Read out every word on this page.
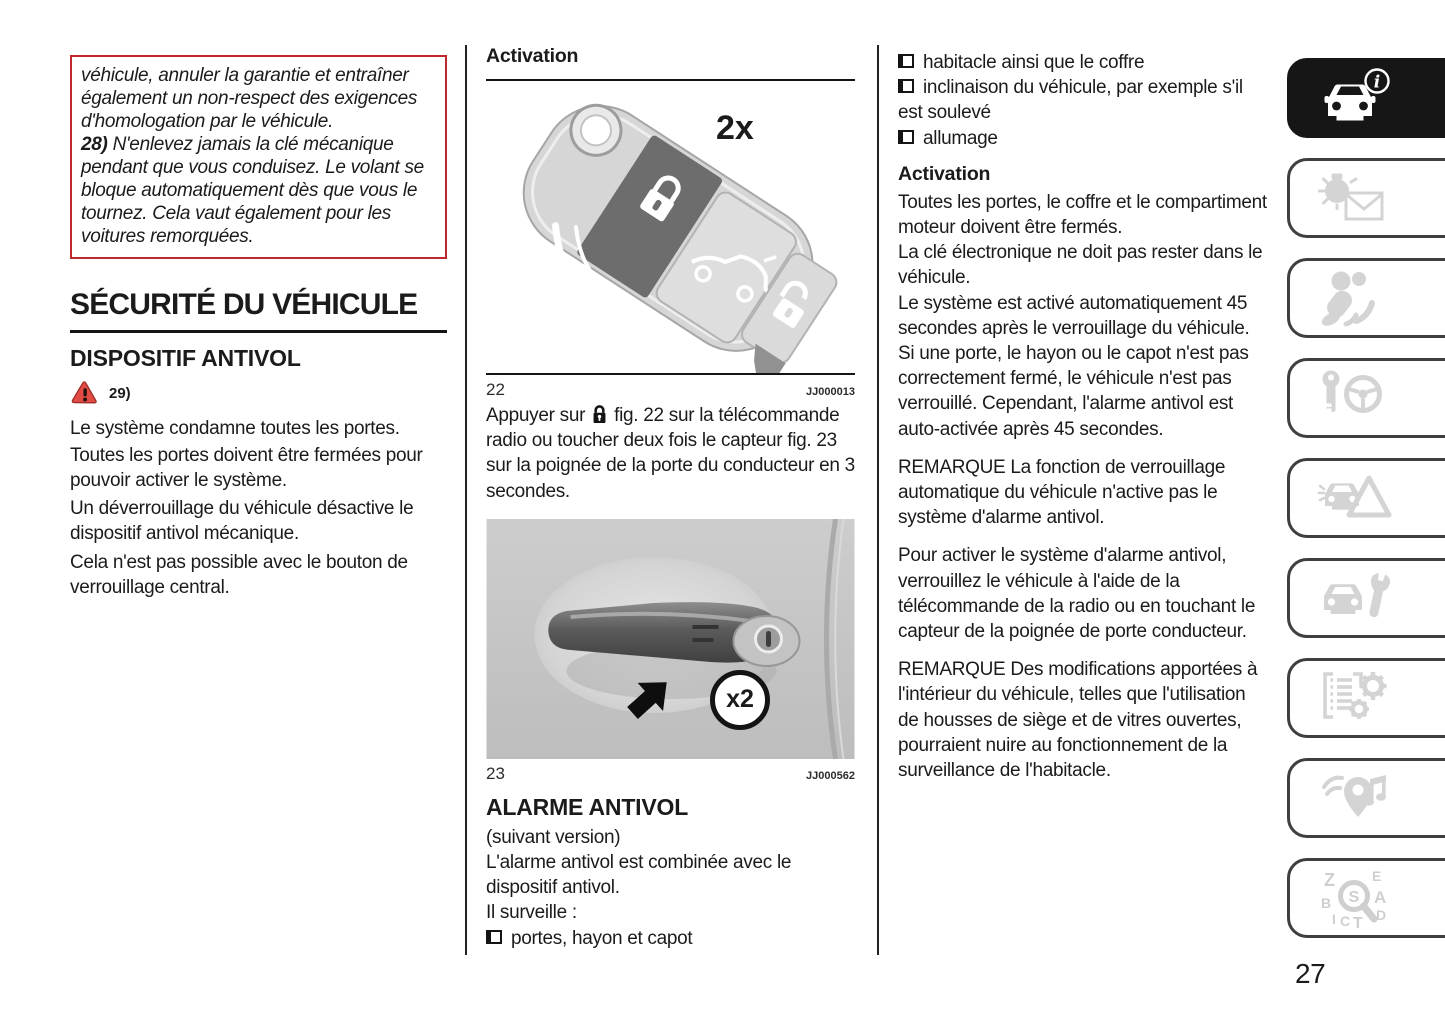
véhicule, annuler la garantie et entraîner également un non-respect des exigences d'homologation par le véhicule.

28) N'enlevez jamais la clé mécanique pendant que vous conduisez. Le volant se bloque automatiquement dès que vous le tournez. Cela vaut également pour les voitures remorquées.

SÉCURITÉ DU VÉHICULE
DISPOSITIF ANTIVOL
29)

Le système condamne toutes les portes.

Toutes les portes doivent être fermées pour pouvoir activer le système.

Un déverrouillage du véhicule désactive le dispositif antivol mécanique.

Cela n'est pas possible avec le bouton de verrouillage central.

Activation
2x
22	JJ000013

Appuyer sur fig. 22 sur la télécommande radio ou toucher deux fois le capteur fig. 23 sur la poignée de la porte du conducteur en 3 secondes.

x2
23	JJ000562
ALARME ANTIVOL

(suivant version)

L'alarme antivol est combinée avec le dispositif antivol.

Il surveille :

portes, hayon et capot

habitacle ainsi que le coffre

inclinaison du véhicule, par exemple s'il est soulevé

allumage

Activation

Toutes les portes, le coffre et le compartiment moteur doivent être fermés.

La clé électronique ne doit pas rester dans le véhicule.

Le système est activé automatiquement 45 secondes après le verrouillage du véhicule.

Si une porte, le hayon ou le capot n'est pas correctement fermé, le véhicule n'est pas verrouillé. Cependant, l'alarme antivol est auto-activée après 45 secondes.

REMARQUE La fonction de verrouillage automatique du véhicule n'active pas le système d'alarme antivol.

Pour activer le système d'alarme antivol, verrouillez le véhicule à l'aide de la télécommande de la radio ou en touchant le capteur de la poignée de porte conducteur.

REMARQUE Des modifications apportées à l'intérieur du véhicule, telles que l'utilisation de housses de siège et de vitres ouvertes, pourraient nuire au fonctionnement de la surveillance de l'habitacle.

i
Z	E
B	A
I C T D
S
27
